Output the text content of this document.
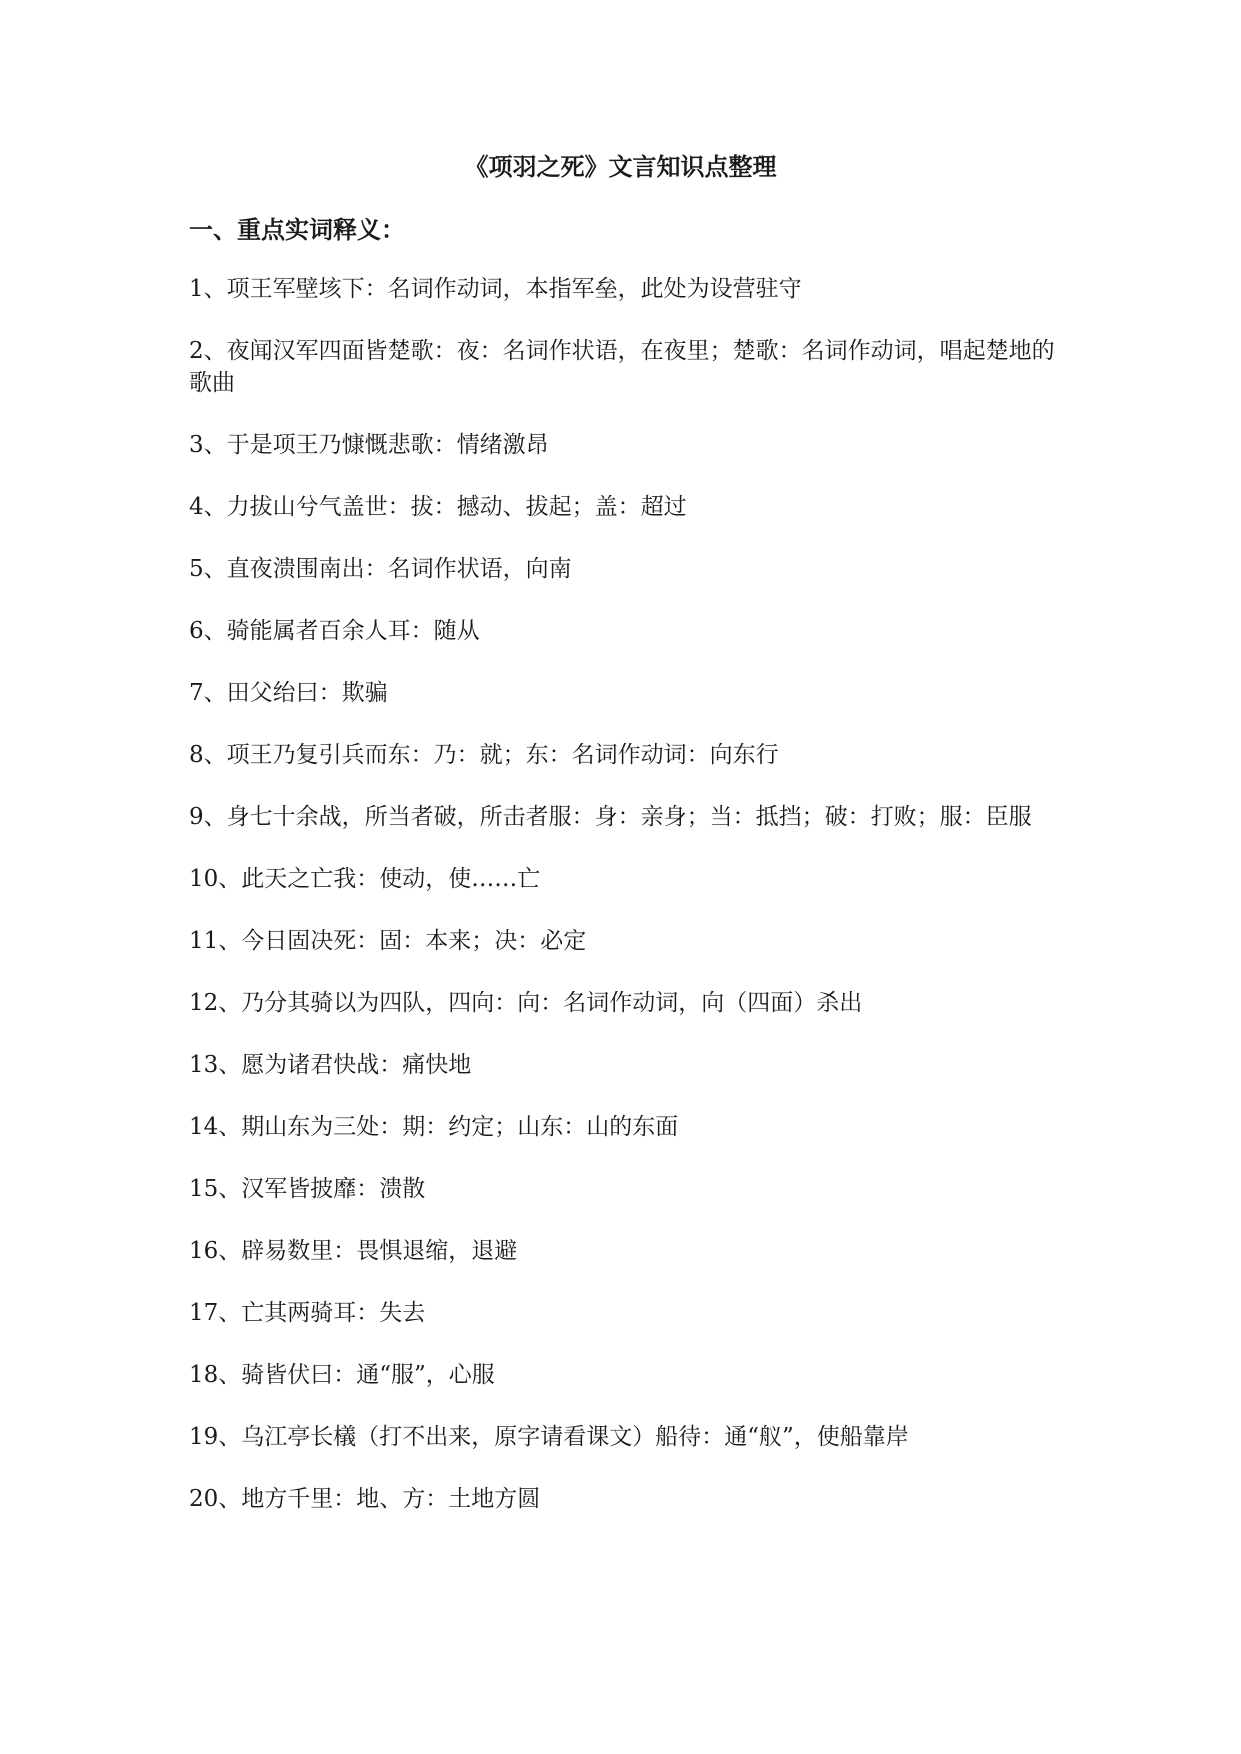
《项羽之死》文言知识点整理
一、重点实词释义：
1、项王军壁垓下：名词作动词，本指军垒，此处为设营驻守
2、夜闻汉军四面皆楚歌：夜：名词作状语，在夜里；楚歌：名词作动词，唱起楚地的歌曲
3、于是项王乃慷慨悲歌：情绪激昂
4、力拔山兮气盖世：拔：撼动、拔起；盖：超过
5、直夜溃围南出：名词作状语，向南
6、骑能属者百余人耳：随从
7、田父绐曰：欺骗
8、项王乃复引兵而东：乃：就；东：名词作动词：向东行
9、身七十余战，所当者破，所击者服：身：亲身；当：抵挡；破：打败；服：臣服
10、此天之亡我：使动，使……亡
11、今日固决死：固：本来；决：必定
12、乃分其骑以为四队，四向：向：名词作动词，向（四面）杀出
13、愿为诸君快战：痛快地
14、期山东为三处：期：约定；山东：山的东面
15、汉军皆披靡：溃散
16、辟易数里：畏惧退缩，退避
17、亡其两骑耳：失去
18、骑皆伏曰：通“服”，心服
19、乌江亭长檥（打不出来，原字请看课文）船待：通“舣”，使船靠岸
20、地方千里：地、方：土地方圆
